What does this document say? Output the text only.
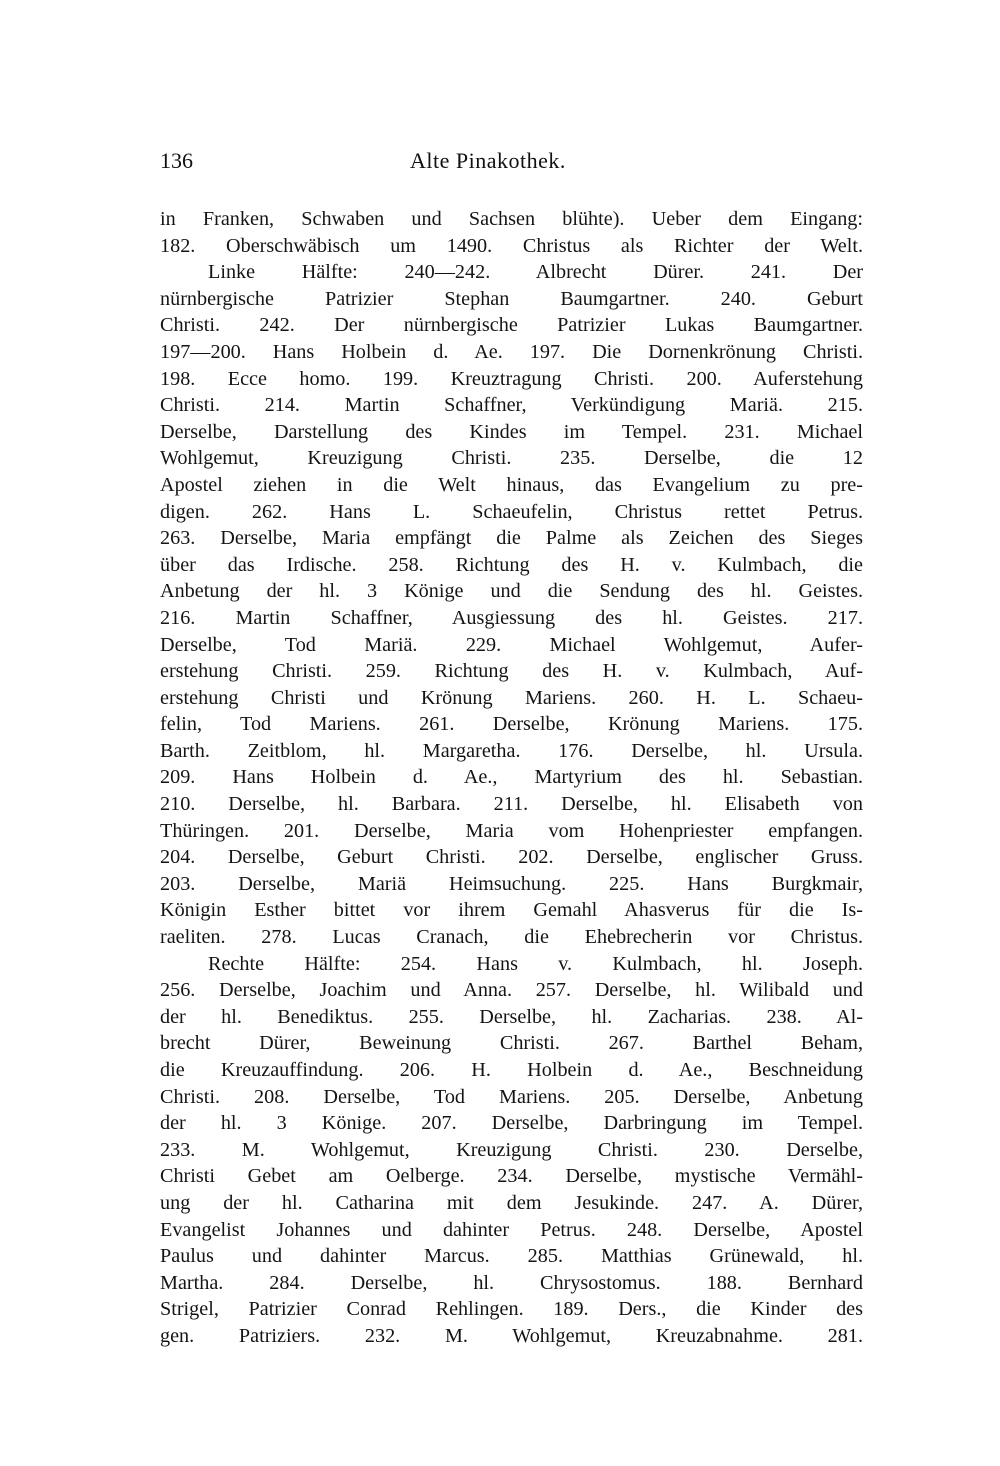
136	Alte Pinakothek.
in Franken, Schwaben und Sachsen blühte). Ueber dem Eingang:
182. Oberschwäbisch um 1490. Christus als Richter der Welt.
Linke Hälfte: 240—242. Albrecht Dürer. 241. Der
nürnbergische Patrizier Stephan Baumgartner. 240. Geburt
Christi. 242. Der nürnbergische Patrizier Lukas Baumgartner.
197—200. Hans Holbein d. Ae. 197. Die Dornenkrönung Christi.
198. Ecce homo. 199. Kreuztragung Christi. 200. Auferstehung
Christi. 214. Martin Schaffner, Verkündigung Mariä. 215.
Derselbe, Darstellung des Kindes im Tempel. 231. Michael
Wohlgemut, Kreuzigung Christi. 235. Derselbe, die 12
Apostel ziehen in die Welt hinaus, das Evangelium zu pre-
digen. 262. Hans L. Schaeufelin, Christus rettet Petrus.
263. Derselbe, Maria empfängt die Palme als Zeichen des Sieges
über das Irdische. 258. Richtung des H. v. Kulmbach, die
Anbetung der hl. 3 Könige und die Sendung des hl. Geistes.
216. Martin Schaffner, Ausgiessung des hl. Geistes. 217.
Derselbe, Tod Mariä. 229. Michael Wohlgemut, Aufer-
erstehung Christi. 259. Richtung des H. v. Kulmbach, Auf-
erstehung Christi und Krönung Mariens. 260. H. L. Schaeu-
felin, Tod Mariens. 261. Derselbe, Krönung Mariens. 175.
Barth. Zeitblom, hl. Margaretha. 176. Derselbe, hl. Ursula.
209. Hans Holbein d. Ae., Martyrium des hl. Sebastian.
210. Derselbe, hl. Barbara. 211. Derselbe, hl. Elisabeth von
Thüringen. 201. Derselbe, Maria vom Hohenpriester empfangen.
204. Derselbe, Geburt Christi. 202. Derselbe, englischer Gruss.
203. Derselbe, Mariä Heimsuchung. 225. Hans Burgkmair,
Königin Esther bittet vor ihrem Gemahl Ahasverus für die Is-
raeliten. 278. Lucas Cranach, die Ehebrecherin vor Christus.
Rechte Hälfte: 254. Hans v. Kulmbach, hl. Joseph.
256. Derselbe, Joachim und Anna. 257. Derselbe, hl. Wilibald und
der hl. Benediktus. 255. Derselbe, hl. Zacharias. 238. Al-
brecht Dürer, Beweinung Christi. 267. Barthel Beham,
die Kreuzauffindung. 206. H. Holbein d. Ae., Beschneidung
Christi. 208. Derselbe, Tod Mariens. 205. Derselbe, Anbetung
der hl. 3 Könige. 207. Derselbe, Darbringung im Tempel.
233. M. Wohlgemut, Kreuzigung Christi. 230. Derselbe,
Christi Gebet am Oelberge. 234. Derselbe, mystische Vermähl-
ung der hl. Catharina mit dem Jesukinde. 247. A. Dürer,
Evangelist Johannes und dahinter Petrus. 248. Derselbe, Apostel
Paulus und dahinter Marcus. 285. Matthias Grünewald, hl.
Martha. 284. Derselbe, hl. Chrysostomus. 188. Bernhard
Strigel, Patrizier Conrad Rehlingen. 189. Ders., die Kinder des
gen. Patriziers. 232. M. Wohlgemut, Kreuzabnahme. 281.
